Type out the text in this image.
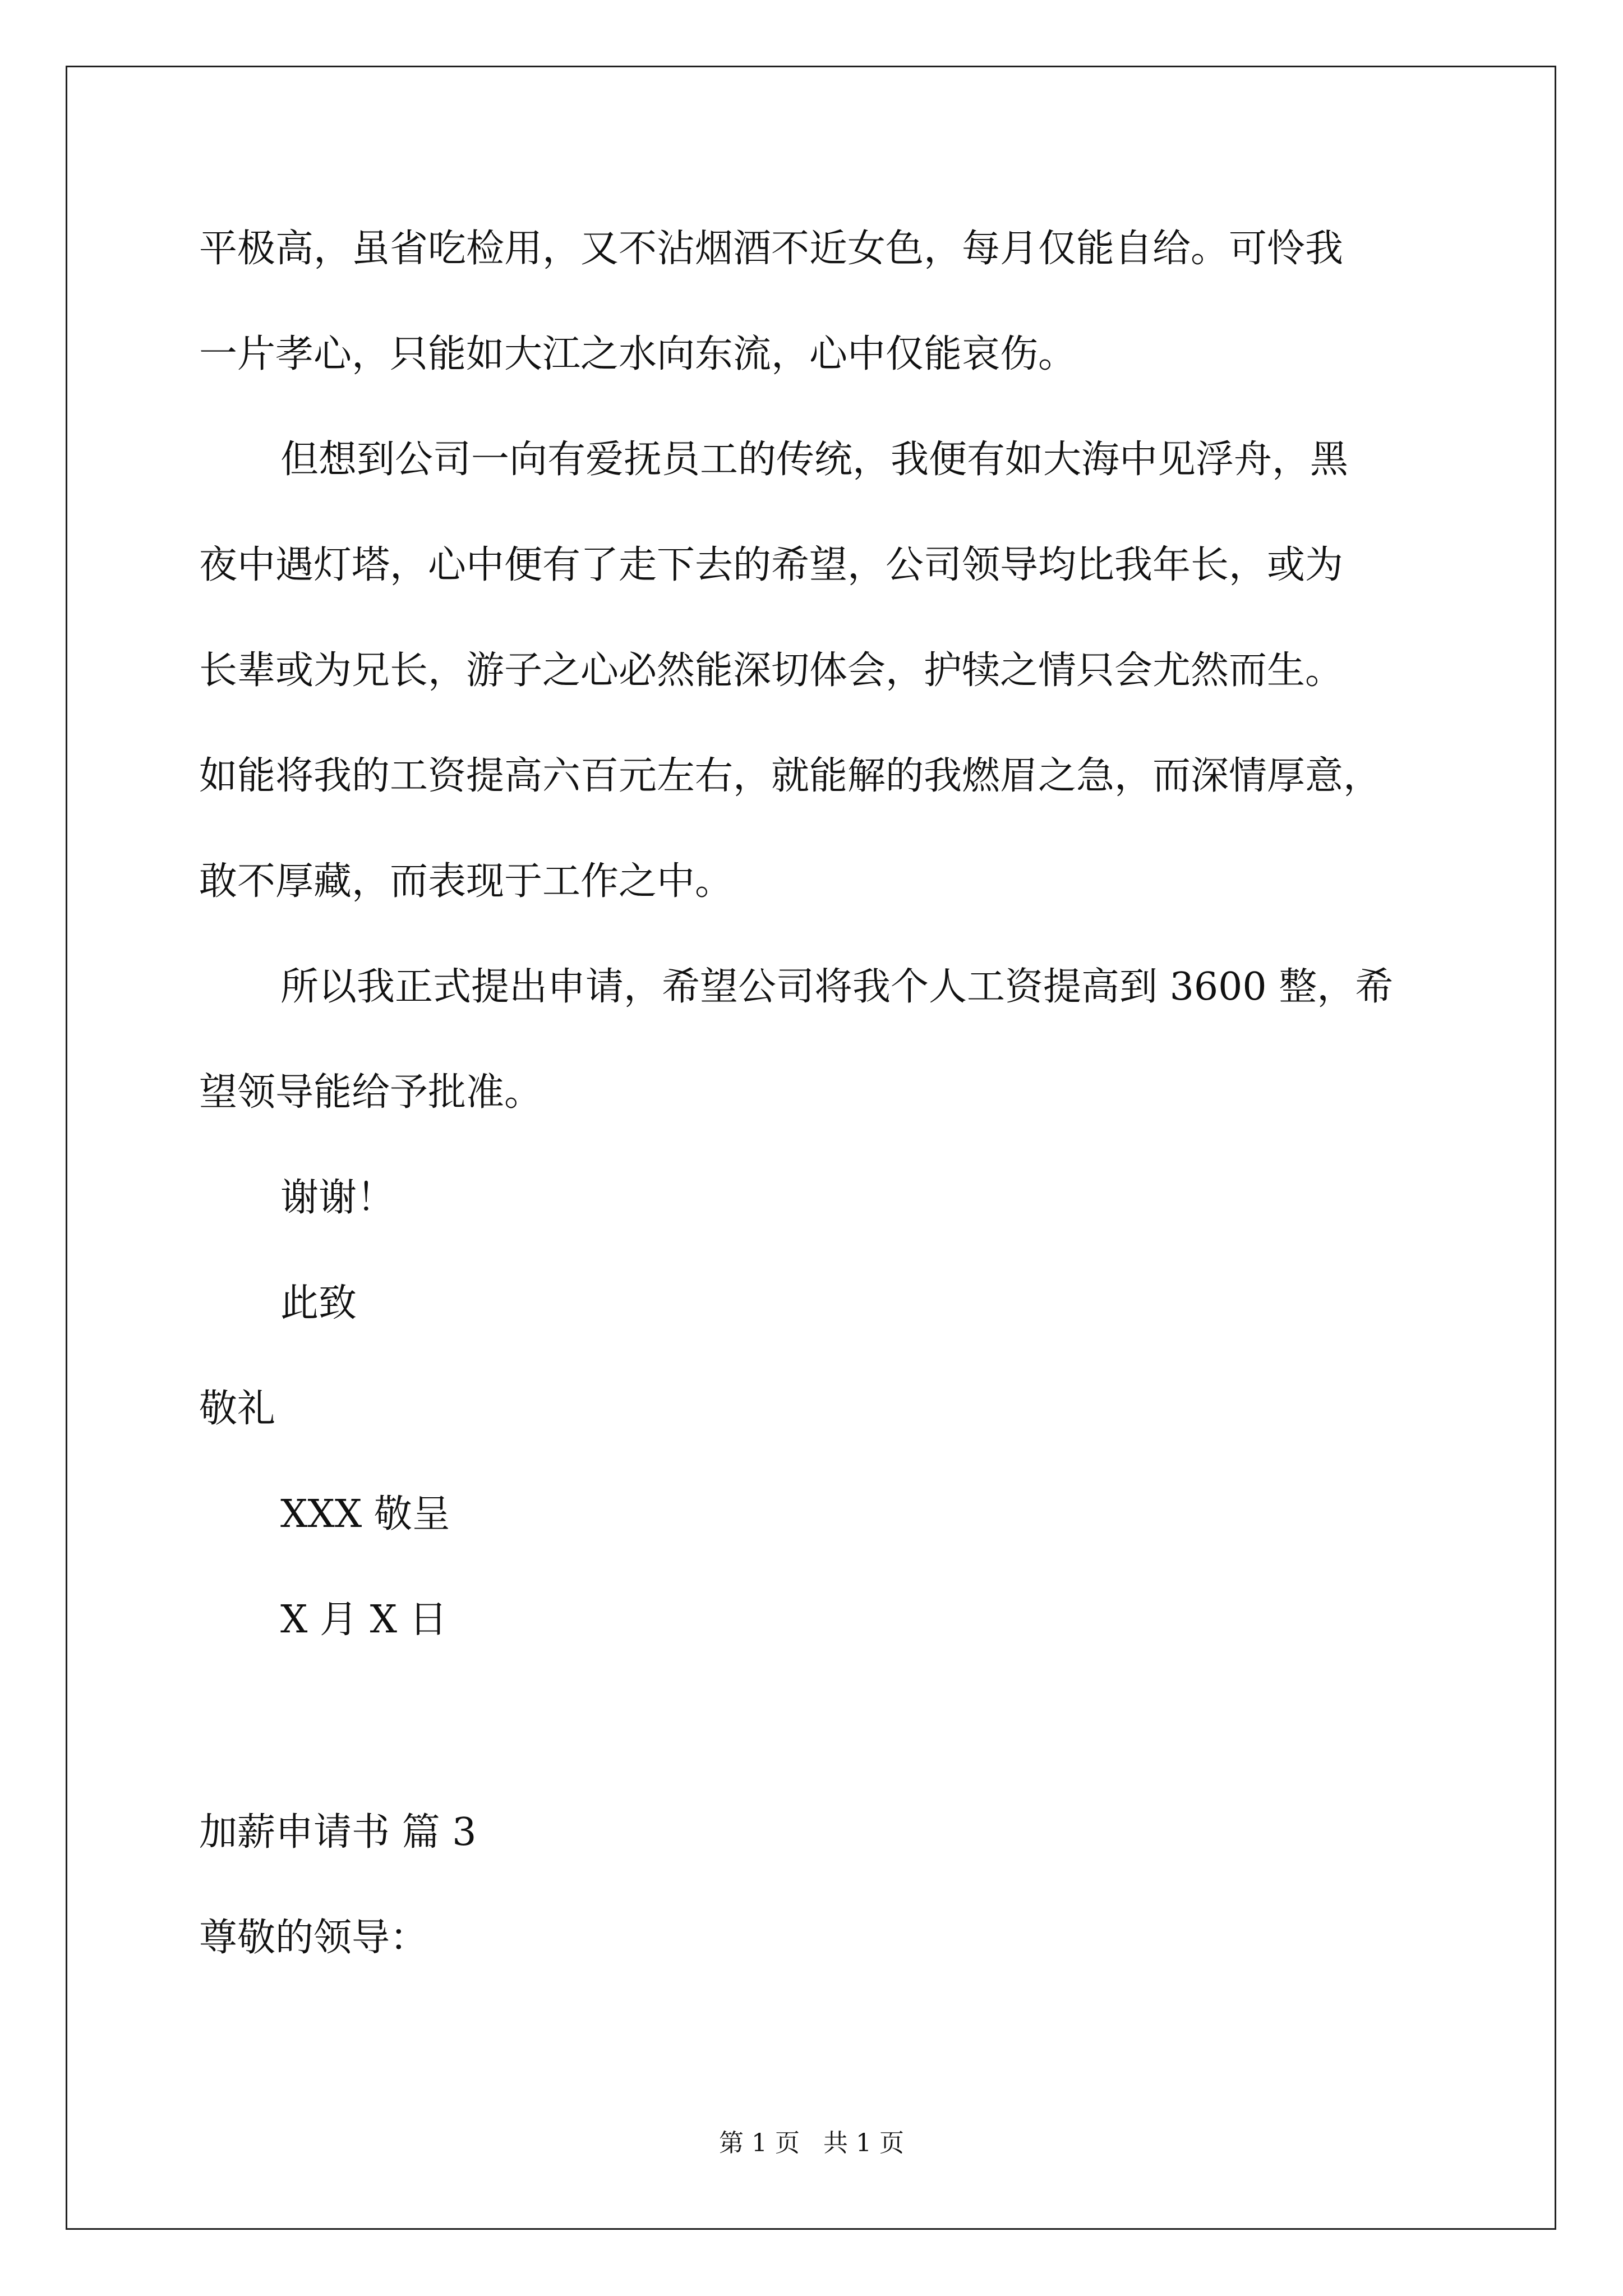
平极高，虽省吃检用，又不沾烟酒不近女色，每月仅能自给。可怜我
一片孝心，只能如大江之水向东流，心中仅能哀伤。
但想到公司一向有爱抚员工的传统，我便有如大海中见浮舟，黑
夜中遇灯塔，心中便有了走下去的希望，公司领导均比我年长，或为
长辈或为兄长，游子之心必然能深切体会，护犊之情只会尤然而生。
如能将我的工资提高六百元左右，就能解的我燃眉之急，而深情厚意，
敢不厚藏，而表现于工作之中。
所以我正式提出申请，希望公司将我个人工资提高到 3600 整，希
望领导能给予批准。
谢谢！
此致
敬礼
XXX 敬呈
X 月 X 日
加薪申请书 篇 3
尊敬的领导：
第 1 页   共 1 页
